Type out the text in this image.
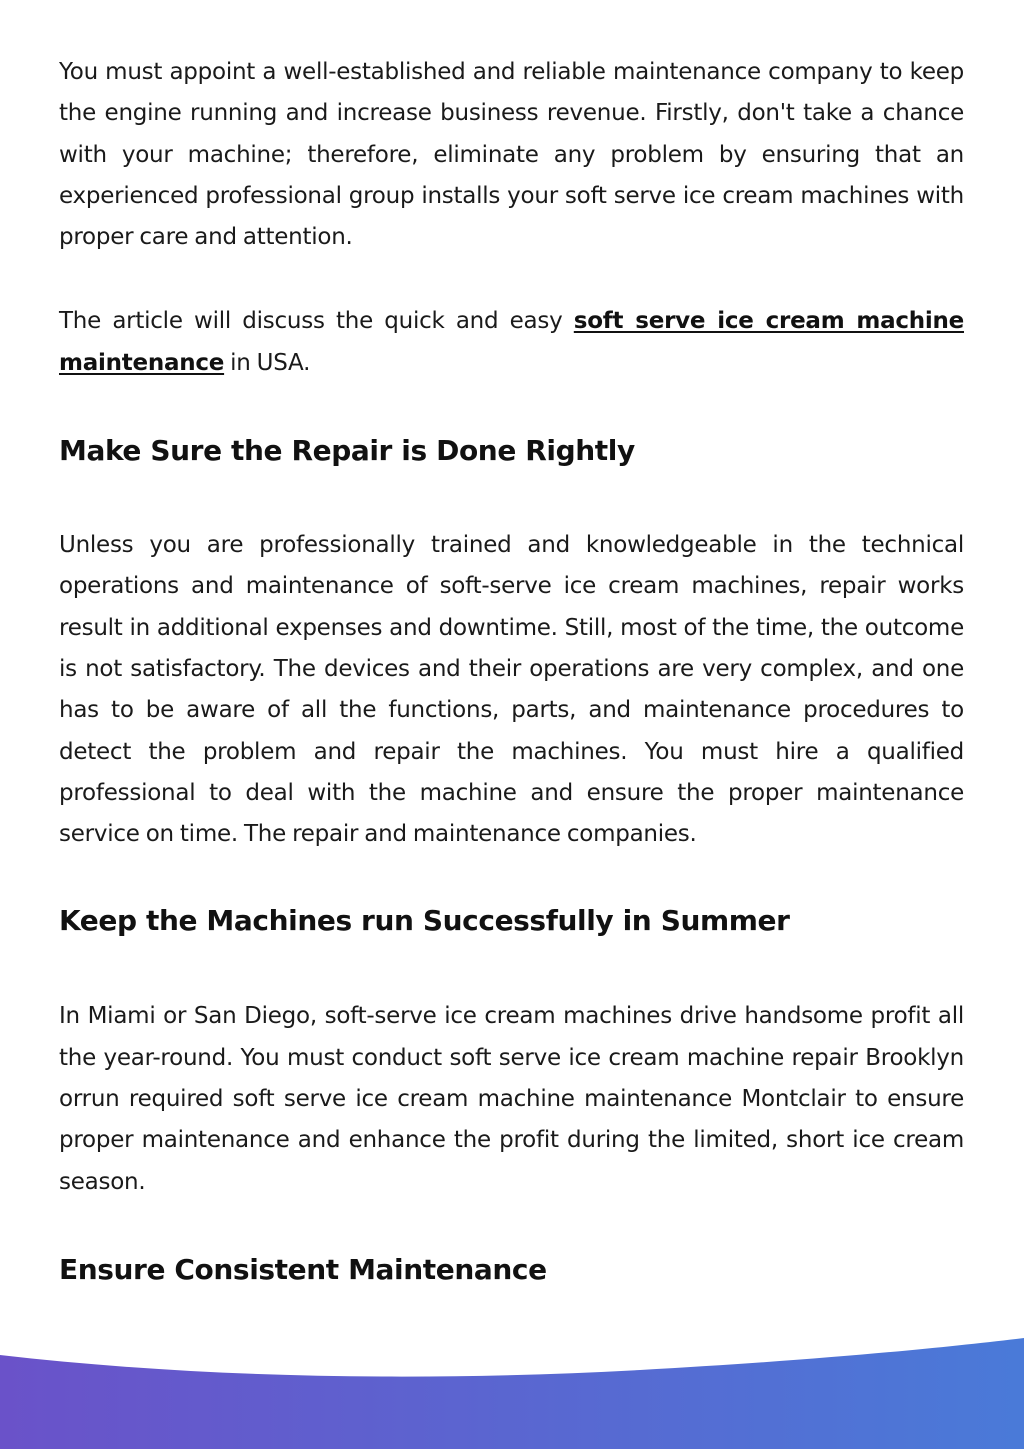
You must appoint a well-established and reliable maintenance company to keep the engine running and increase business revenue. Firstly, don't take a chance with your machine; therefore, eliminate any problem by ensuring that an experienced professional group installs your soft serve ice cream machines with proper care and attention.

The article will discuss the quick and easy soft serve ice cream machine maintenance in USA.

Make Sure the Repair is Done Rightly

Unless you are professionally trained and knowledgeable in the technical operations and maintenance of soft-serve ice cream machines, repair works result in additional expenses and downtime. Still, most of the time, the outcome is not satisfactory. The devices and their operations are very complex, and one has to be aware of all the functions, parts, and maintenance procedures to detect the problem and repair the machines. You must hire a qualified professional to deal with the machine and ensure the proper maintenance service on time. The repair and maintenance companies.

Keep the Machines run Successfully in Summer

In Miami or San Diego, soft-serve ice cream machines drive handsome profit all the year-round. You must conduct soft serve ice cream machine repair Brooklyn orrun required soft serve ice cream machine maintenance Montclair to ensure proper maintenance and enhance the profit during the limited, short ice cream season.

Ensure Consistent Maintenance
